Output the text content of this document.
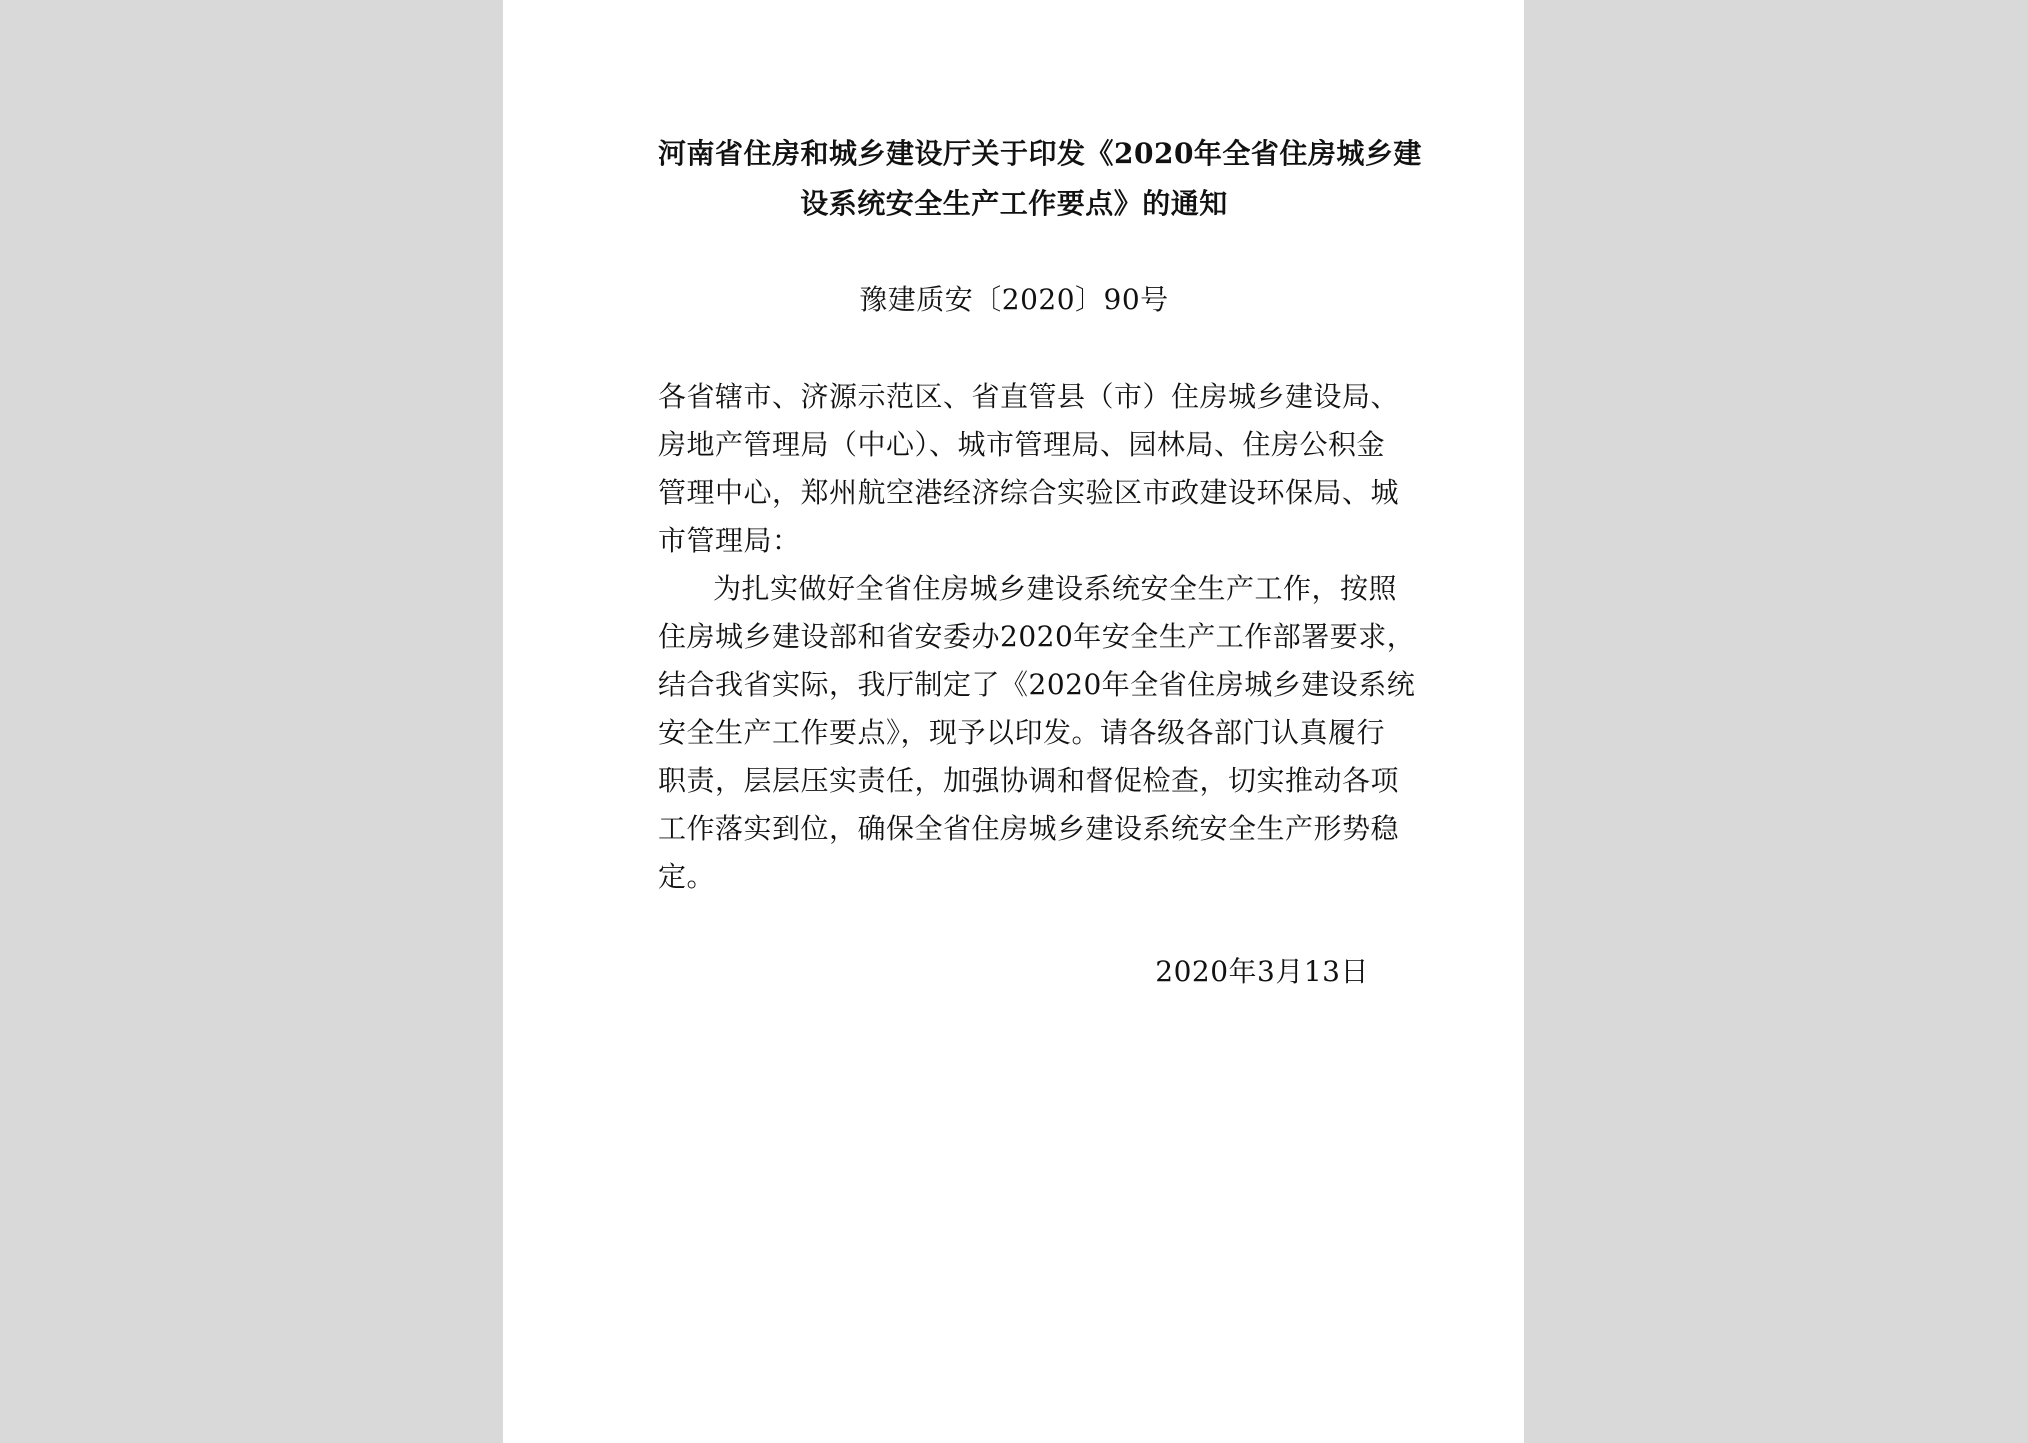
河南省住房和城乡建设厅关于印发《2020年全省住房城乡建
设系统安全生产工作要点》的通知
豫建质安〔2020〕90号
各省辖市、济源示范区、省直管县（市）住房城乡建设局、
房地产管理局（中心）、城市管理局、园林局、住房公积金
管理中心，郑州航空港经济综合实验区市政建设环保局、城
市管理局：
为扎实做好全省住房城乡建设系统安全生产工作，按照
住房城乡建设部和省安委办2020年安全生产工作部署要求，
结合我省实际，我厅制定了《2020年全省住房城乡建设系统
安全生产工作要点》，现予以印发。请各级各部门认真履行
职责，层层压实责任，加强协调和督促检查，切实推动各项
工作落实到位，确保全省住房城乡建设系统安全生产形势稳
定。
2020年3月13日
